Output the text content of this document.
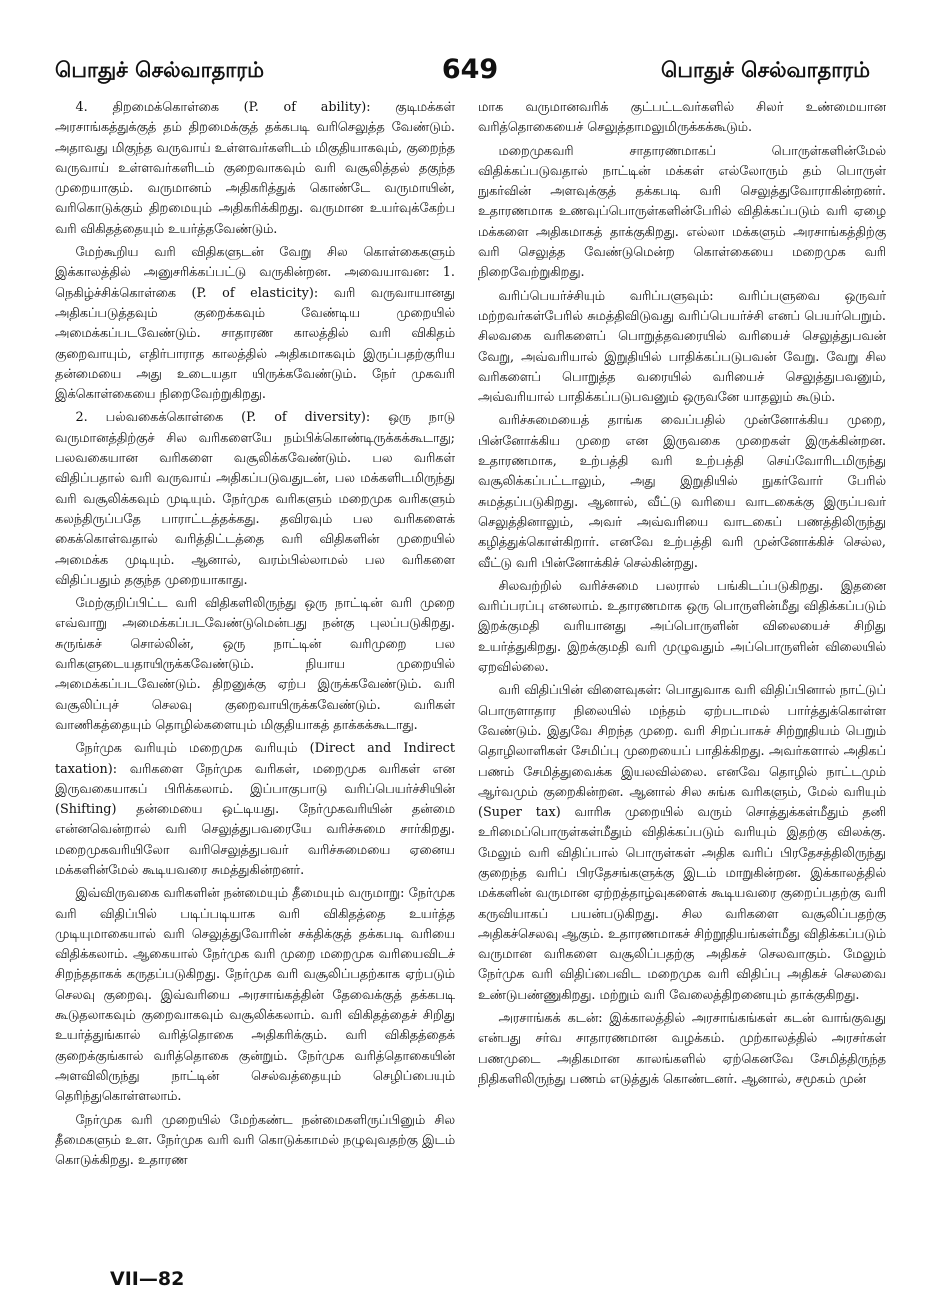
பொதுச் செல்வாதாரம்	649	பொதுச் செல்வாதாரம்

4. திறமைக்கொள்கை (P. of ability): குடிமக்கள் அரசாங்கத்துக்குத் தம் திறமைக்குத் தக்கபடி வரிசெலுத்த வேண்டும். அதாவது மிகுந்த வருவாய் உள்ளவர்களிடம் மிகுதியாகவும், குறைந்த வருவாய் உள்ளவர்களிடம் குறைவாகவும் வரி வசூலித்தல் தகுந்த முறையாகும். வருமானம் அதிகரித்துக் கொண்டே வருமாயின், வரிகொடுக்கும் திறமையும் அதிகரிக்கிறது. வருமான உயர்வுக்கேற்ப வரி விகிதத்தையும் உயர்த்தவேண்டும்.

மேற்கூறிய வரி விதிகளுடன் வேறு சில கொள்கைகளும் இக்காலத்தில் அனுசரிக்கப்பட்டு வருகின்றன. அவையாவன: 1. நெகிழ்ச்சிக்கொள்கை (P. of elasticity): வரி வருவாயானது அதிகப்படுத்தவும் குறைக்கவும் வேண்டிய முறையில் அமைக்கப்படவேண்டும். சாதாரண காலத்தில் வரி விகிதம் குறைவாயும், எதிர்பாராத காலத்தில் அதிகமாகவும் இருப்பதற்குரிய தன்மையை அது உடையதா யிருக்கவேண்டும். நேர் முகவரி இக்கொள்கையை நிறைவேற்றுகிறது.

2. பல்வகைக்கொள்கை (P. of diversity): ஒரு நாடு வருமானத்திற்குச் சில வரிகளையே நம்பிக்கொண்டிருக்கக்கூடாது; பலவகையான வரிகளை வசூலிக்கவேண்டும். பல வரிகள் விதிப்பதால் வரி வருவாய் அதிகப்படுவதுடன், பல மக்களிடமிருந்து வரி வசூலிக்கவும் முடியும். நேர்முக வரிகளும் மறைமுக வரிகளும் கலந்திருப்பதே பாராட்டத்தக்கது. தவிரவும் பல வரிகளைக் கைக்கொள்வதால் வரித்திட்டத்தை வரி விதிகளின் முறையில் அமைக்க முடியும். ஆனால், வரம்பில்லாமல் பல வரிகளை விதிப்பதும் தகுந்த முறையாகாது.

மேற்குறிப்பிட்ட வரி விதிகளிலிருந்து ஒரு நாட்டின் வரி முறை எவ்வாறு அமைக்கப்படவேண்டுமென்பது நன்கு புலப்படுகிறது. சுருங்கச் சொல்லின், ஒரு நாட்டின் வரிமுறை பல வரிகளுடையதாயிருக்கவேண்டும். நியாய முறையில் அமைக்கப்படவேண்டும். திறனுக்கு ஏற்ப இருக்கவேண்டும். வரி வசூலிப்புச் செலவு குறைவாயிருக்கவேண்டும். வரிகள் வாணிகத்தையும் தொழில்களையும் மிகுதியாகத் தாக்கக்கூடாது.

நேர்முக வரியும் மறைமுக வரியும் (Direct and Indirect taxation): வரிகளை நேர்முக வரிகள், மறைமுக வரிகள் என இருவகையாகப் பிரிக்கலாம். இப்பாகுபாடு வரிப்பெயர்ச்சியின் (Shifting) தன்மையை ஒட்டியது. நேர்முகவரியின் தன்மை என்னவென்றால் வரி செலுத்துபவரையே வரிச்சுமை சார்கிறது. மறைமுகவரியிலோ வரிசெலுத்துபவர் வரிச்சுமையை ஏனைய மக்களின்மேல் கூடியவரை சுமத்துகின்றனர்.

இவ்விருவகை வரிகளின் நன்மையும் தீமையும் வருமாறு: நேர்முக வரி விதிப்பில் படிப்படியாக வரி விகிதத்தை உயர்த்த முடியுமாகையால் வரி செலுத்துவோரின் சக்திக்குத் தக்கபடி வரியை விதிக்கலாம். ஆகையால் நேர்முக வரி முறை மறைமுக வரியைவிடச் சிறந்ததாகக் கருதப்படுகிறது. நேர்முக வரி வசூலிப்பதற்காக ஏற்படும் செலவு குறைவு. இவ்வரியை அரசாங்கத்தின் தேவைக்குத் தக்கபடி கூடுதலாகவும் குறைவாகவும் வசூலிக்கலாம். வரி விகிதத்தைச் சிறிது உயர்த்துங்கால் வரித்தொகை அதிகரிக்கும். வரி விகிதத்தைக் குறைக்குங்கால் வரித்தொகை குன்றும். நேர்முக வரித்தொகையின் அளவிலிருந்து நாட்டின் செல்வத்தையும் செழிப்பையும் தெரிந்துகொள்ளலாம்.

நேர்முக வரி முறையில் மேற்கண்ட நன்மைகளிருப்பினும் சில தீமைகளும் உள. நேர்முக வரி வரி கொடுக்காமல் நழுவுவதற்கு இடம் கொடுக்கிறது. உதாரண

மாக வருமானவரிக் குட்பட்டவர்களில் சிலர் உண்மையான வரித்தொகையைச் செலுத்தாமலுமிருக்கக்கூடும்.

மறைமுகவரி சாதாரணமாகப் பொருள்களின்மேல் விதிக்கப்படுவதால் நாட்டின் மக்கள் எல்லோரும் தம் பொருள் நுகர்வின் அளவுக்குத் தக்கபடி வரி செலுத்துவோராகின்றனர். உதாரணமாக உணவுப்பொருள்களின்பேரில் விதிக்கப்படும் வரி ஏழை மக்களை அதிகமாகத் தாக்குகிறது. எல்லா மக்களும் அரசாங்கத்திற்கு வரி செலுத்த வேண்டுமென்ற கொள்கையை மறைமுக வரி நிறைவேற்றுகிறது.

வரிப்பெயர்ச்சியும் வரிப்பளுவும்: வரிப்பளுவை ஒருவர் மற்றவர்கள்பேரில் சுமத்திவிடுவது வரிப்பெயர்ச்சி எனப் பெயர்பெறும். சிலவகை வரிகளைப் பொறுத்தவரையில் வரியைச் செலுத்துபவன் வேறு, அவ்வரியால் இறுதியில் பாதிக்கப்படுபவன் வேறு. வேறு சில வரிகளைப் பொறுத்த வரையில் வரியைச் செலுத்துபவனும், அவ்வரியால் பாதிக்கப்படுபவனும் ஒருவனே யாதலும் கூடும்.

வரிச்சுமையைத் தாங்க வைப்பதில் முன்னோக்கிய முறை, பின்னோக்கிய முறை என இருவகை முறைகள் இருக்கின்றன. உதாரணமாக, உற்பத்தி வரி உற்பத்தி செய்வோரிடமிருந்து வசூலிக்கப்பட்டாலும், அது இறுதியில் நுகர்வோர் பேரில் சுமத்தப்படுகிறது. ஆனால், வீட்டு வரியை வாடகைக்கு இருப்பவர் செலுத்தினாலும், அவர் அவ்வரியை வாடகைப் பணத்திலிருந்து கழித்துக்கொள்கிறார். எனவே உற்பத்தி வரி முன்னோக்கிச் செல்ல, வீட்டு வரி பின்னோக்கிச் செல்கின்றது.

சிலவற்றில் வரிச்சுமை பலரால் பங்கிடப்படுகிறது. இதனை வரிப்பரப்பு எனலாம். உதாரணமாக ஒரு பொருளின்மீது விதிக்கப்படும் இறக்குமதி வரியானது அப்பொருளின் விலையைச் சிறிது உயர்த்துகிறது. இறக்குமதி வரி முழுவதும் அப்பொருளின் விலையில் ஏறவில்லை.

வரி விதிப்பின் விளைவுகள்: பொதுவாக வரி விதிப்பினால் நாட்டுப் பொருளாதார நிலையில் மந்தம் ஏற்படாமல் பார்த்துக்கொள்ள வேண்டும். இதுவே சிறந்த முறை. வரி சிறப்பாகச் சிற்றூதியம் பெறும் தொழிலாளிகள் சேமிப்பு முறையைப் பாதிக்கிறது. அவர்களால் அதிகப் பணம் சேமித்துவைக்க இயலவில்லை. எனவே தொழில் நாட்டமும் ஆர்வமும் குறைகின்றன. ஆனால் சில சுங்க வரிகளும், மேல் வரியும் (Super tax) வாரிசு முறையில் வரும் சொத்துக்கள்மீதும் தனி உரிமைப்பொருள்கள்மீதும் விதிக்கப்படும் வரியும் இதற்கு விலக்கு. மேலும் வரி விதிப்பால் பொருள்கள் அதிக வரிப் பிரதேசத்திலிருந்து குறைந்த வரிப் பிரதேசங்களுக்கு இடம் மாறுகின்றன. இக்காலத்தில் மக்களின் வருமான ஏற்றத்தாழ்வுகளைக் கூடியவரை குறைப்பதற்கு வரி கருவியாகப் பயன்படுகிறது. சில வரிகளை வசூலிப்பதற்கு அதிகச்செலவு ஆகும். உதாரணமாகச் சிற்றூதியங்கள்மீது விதிக்கப்படும் வருமான வரிகளை வசூலிப்பதற்கு அதிகச் செலவாகும். மேலும் நேர்முக வரி விதிப்பைவிட மறைமுக வரி விதிப்பு அதிகச் செலவை உண்டுபண்ணுகிறது. மற்றும் வரி வேலைத்திறனையும் தாக்குகிறது.

அரசாங்கக் கடன்: இக்காலத்தில் அரசாங்கங்கள் கடன் வாங்குவது என்பது சர்வ சாதாரணமான வழக்கம். முற்காலத்தில் அரசர்கள் பணமுடை அதிகமான காலங்களில் ஏற்கெனவே சேமித்திருந்த நிதிகளிலிருந்து பணம் எடுத்துக் கொண்டனர். ஆனால், சமூகம் முன்

VII—82
